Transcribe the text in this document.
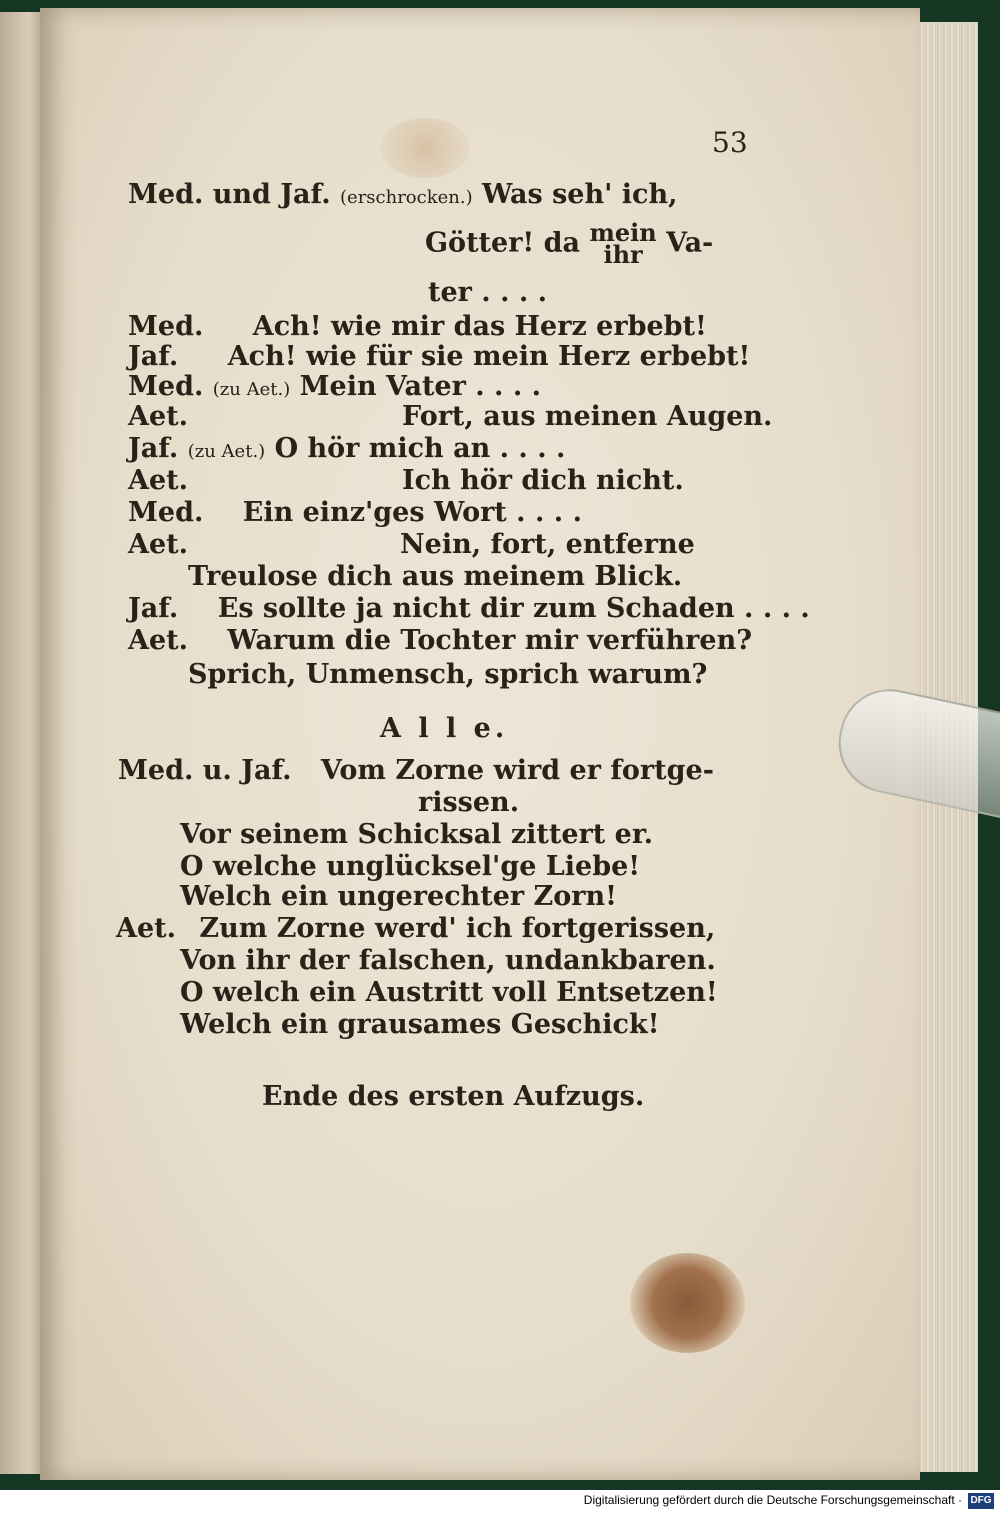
53
Med. und Jaf. (erschrocken.) Was seh' ich,
Götter! da mein
ihr Va-
ter . . . .
Med. Ach! wie mir das Herz erbebt!
Jaf. Ach! wie für sie mein Herz erbebt!
Med. (zu Aet.) Mein Vater . . . .
Aet.	Fort, aus meinen Augen.
Jaf. (zu Aet.) O hör mich an . . . .
Aet.	Ich hör dich nicht.
Med. Ein einz'ges Wort . . . .
Aet.	Nein, fort, entferne
Treulose dich aus meinem Blick.
Jaf. Es sollte ja nicht dir zum Schaden . . . .
Aet. Warum die Tochter mir verführen?
Sprich, Unmensch, sprich warum?
A l l e.
Med. u. Jaf. Vom Zorne wird er fortge-
rissen.
Vor seinem Schicksal zittert er.
O welche unglücksel'ge Liebe!
Welch ein ungerechter Zorn!
Aet. Zum Zorne werd' ich fortgerissen,
Von ihr der falschen, undankbaren.
O welch ein Austritt voll Entsetzen!
Welch ein grausames Geschick!
Ende des ersten Aufzugs.
Digitalisierung gefördert durch die Deutsche Forschungsgemeinschaft · DFG
